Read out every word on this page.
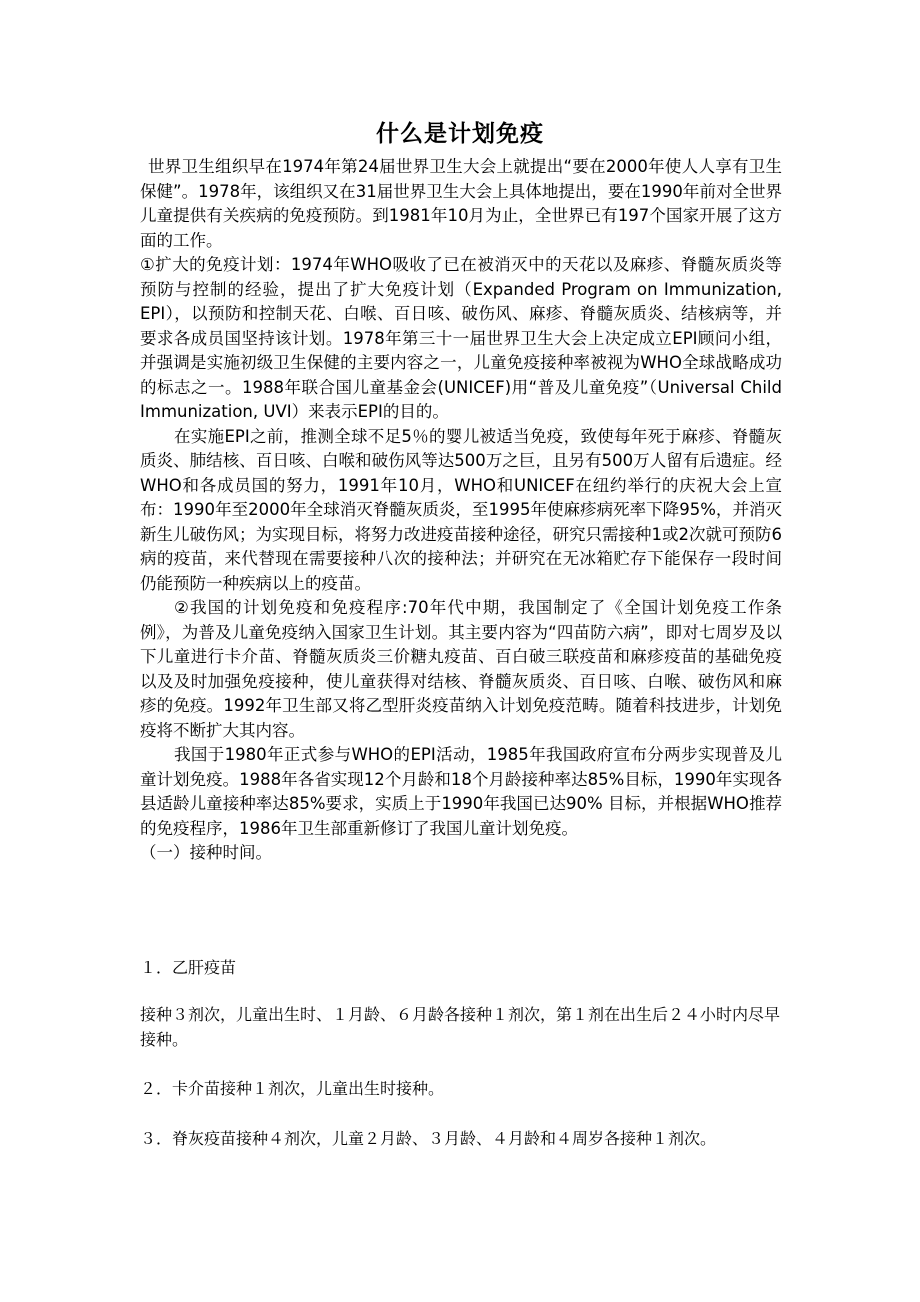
什么是计划免疫

世界卫生组织早在1974年第24届世界卫生大会上就提出“要在2000年使人人享有卫生保健”。1978年，该组织又在31届世界卫生大会上具体地提出，要在1990年前对全世界儿童提供有关疾病的免疫预防。到1981年10月为止，全世界已有197个国家开展了这方面的工作。

①扩大的免疫计划：1974年WHO吸收了已在被消灭中的天花以及麻疹、脊髓灰质炎等预防与控制的经验，提出了扩大免疫计划（Expanded Program on Immunization, EPI），以预防和控制天花、白喉、百日咳、破伤风、麻疹、脊髓灰质炎、结核病等，并要求各成员国坚持该计划。1978年第三十一届世界卫生大会上决定成立EPI顾问小组，并强调是实施初级卫生保健的主要内容之一，儿童免疫接种率被视为WHO全球战略成功的标志之一。1988年联合国儿童基金会(UNICEF)用“普及儿童免疫”（Universal Child Immunization, UVI）来表示EPI的目的。

在实施EPI之前，推测全球不足5％的婴儿被适当免疫，致使每年死于麻疹、脊髓灰质炎、肺结核、百日咳、白喉和破伤风等达500万之巨，且另有500万人留有后遗症。经WHO和各成员国的努力，1991年10月，WHO和UNICEF在纽约举行的庆祝大会上宣布：1990年至2000年全球消灭脊髓灰质炎，至1995年使麻疹病死率下降95%，并消灭新生儿破伤风；为实现目标，将努力改进疫苗接种途径，研究只需接种1或2次就可预防6病的疫苗，来代替现在需要接种八次的接种法；并研究在无冰箱贮存下能保存一段时间仍能预防一种疾病以上的疫苗。

②我国的计划免疫和免疫程序:70年代中期，我国制定了《全国计划免疫工作条例》，为普及儿童免疫纳入国家卫生计划。其主要内容为“四苗防六病”，即对七周岁及以下儿童进行卡介苗、脊髓灰质炎三价糖丸疫苗、百白破三联疫苗和麻疹疫苗的基础免疫以及及时加强免疫接种，使儿童获得对结核、脊髓灰质炎、百日咳、白喉、破伤风和麻疹的免疫。1992年卫生部又将乙型肝炎疫苗纳入计划免疫范畴。随着科技进步，计划免疫将不断扩大其内容。

我国于1980年正式参与WHO的EPI活动，1985年我国政府宣布分两步实现普及儿童计划免疫。1988年各省实现12个月龄和18个月龄接种率达85%目标，1990年实现各县适龄儿童接种率达85%要求，实质上于1990年我国已达90% 目标，并根据WHO推荐的免疫程序，1986年卫生部重新修订了我国儿童计划免疫。

（一）接种时间。

１．乙肝疫苗

接种３剂次，儿童出生时、１月龄、６月龄各接种１剂次，第１剂在出生后２４小时内尽早接种。

２．卡介苗接种１剂次，儿童出生时接种。

３．脊灰疫苗接种４剂次，儿童２月龄、３月龄、４月龄和４周岁各接种１剂次。
